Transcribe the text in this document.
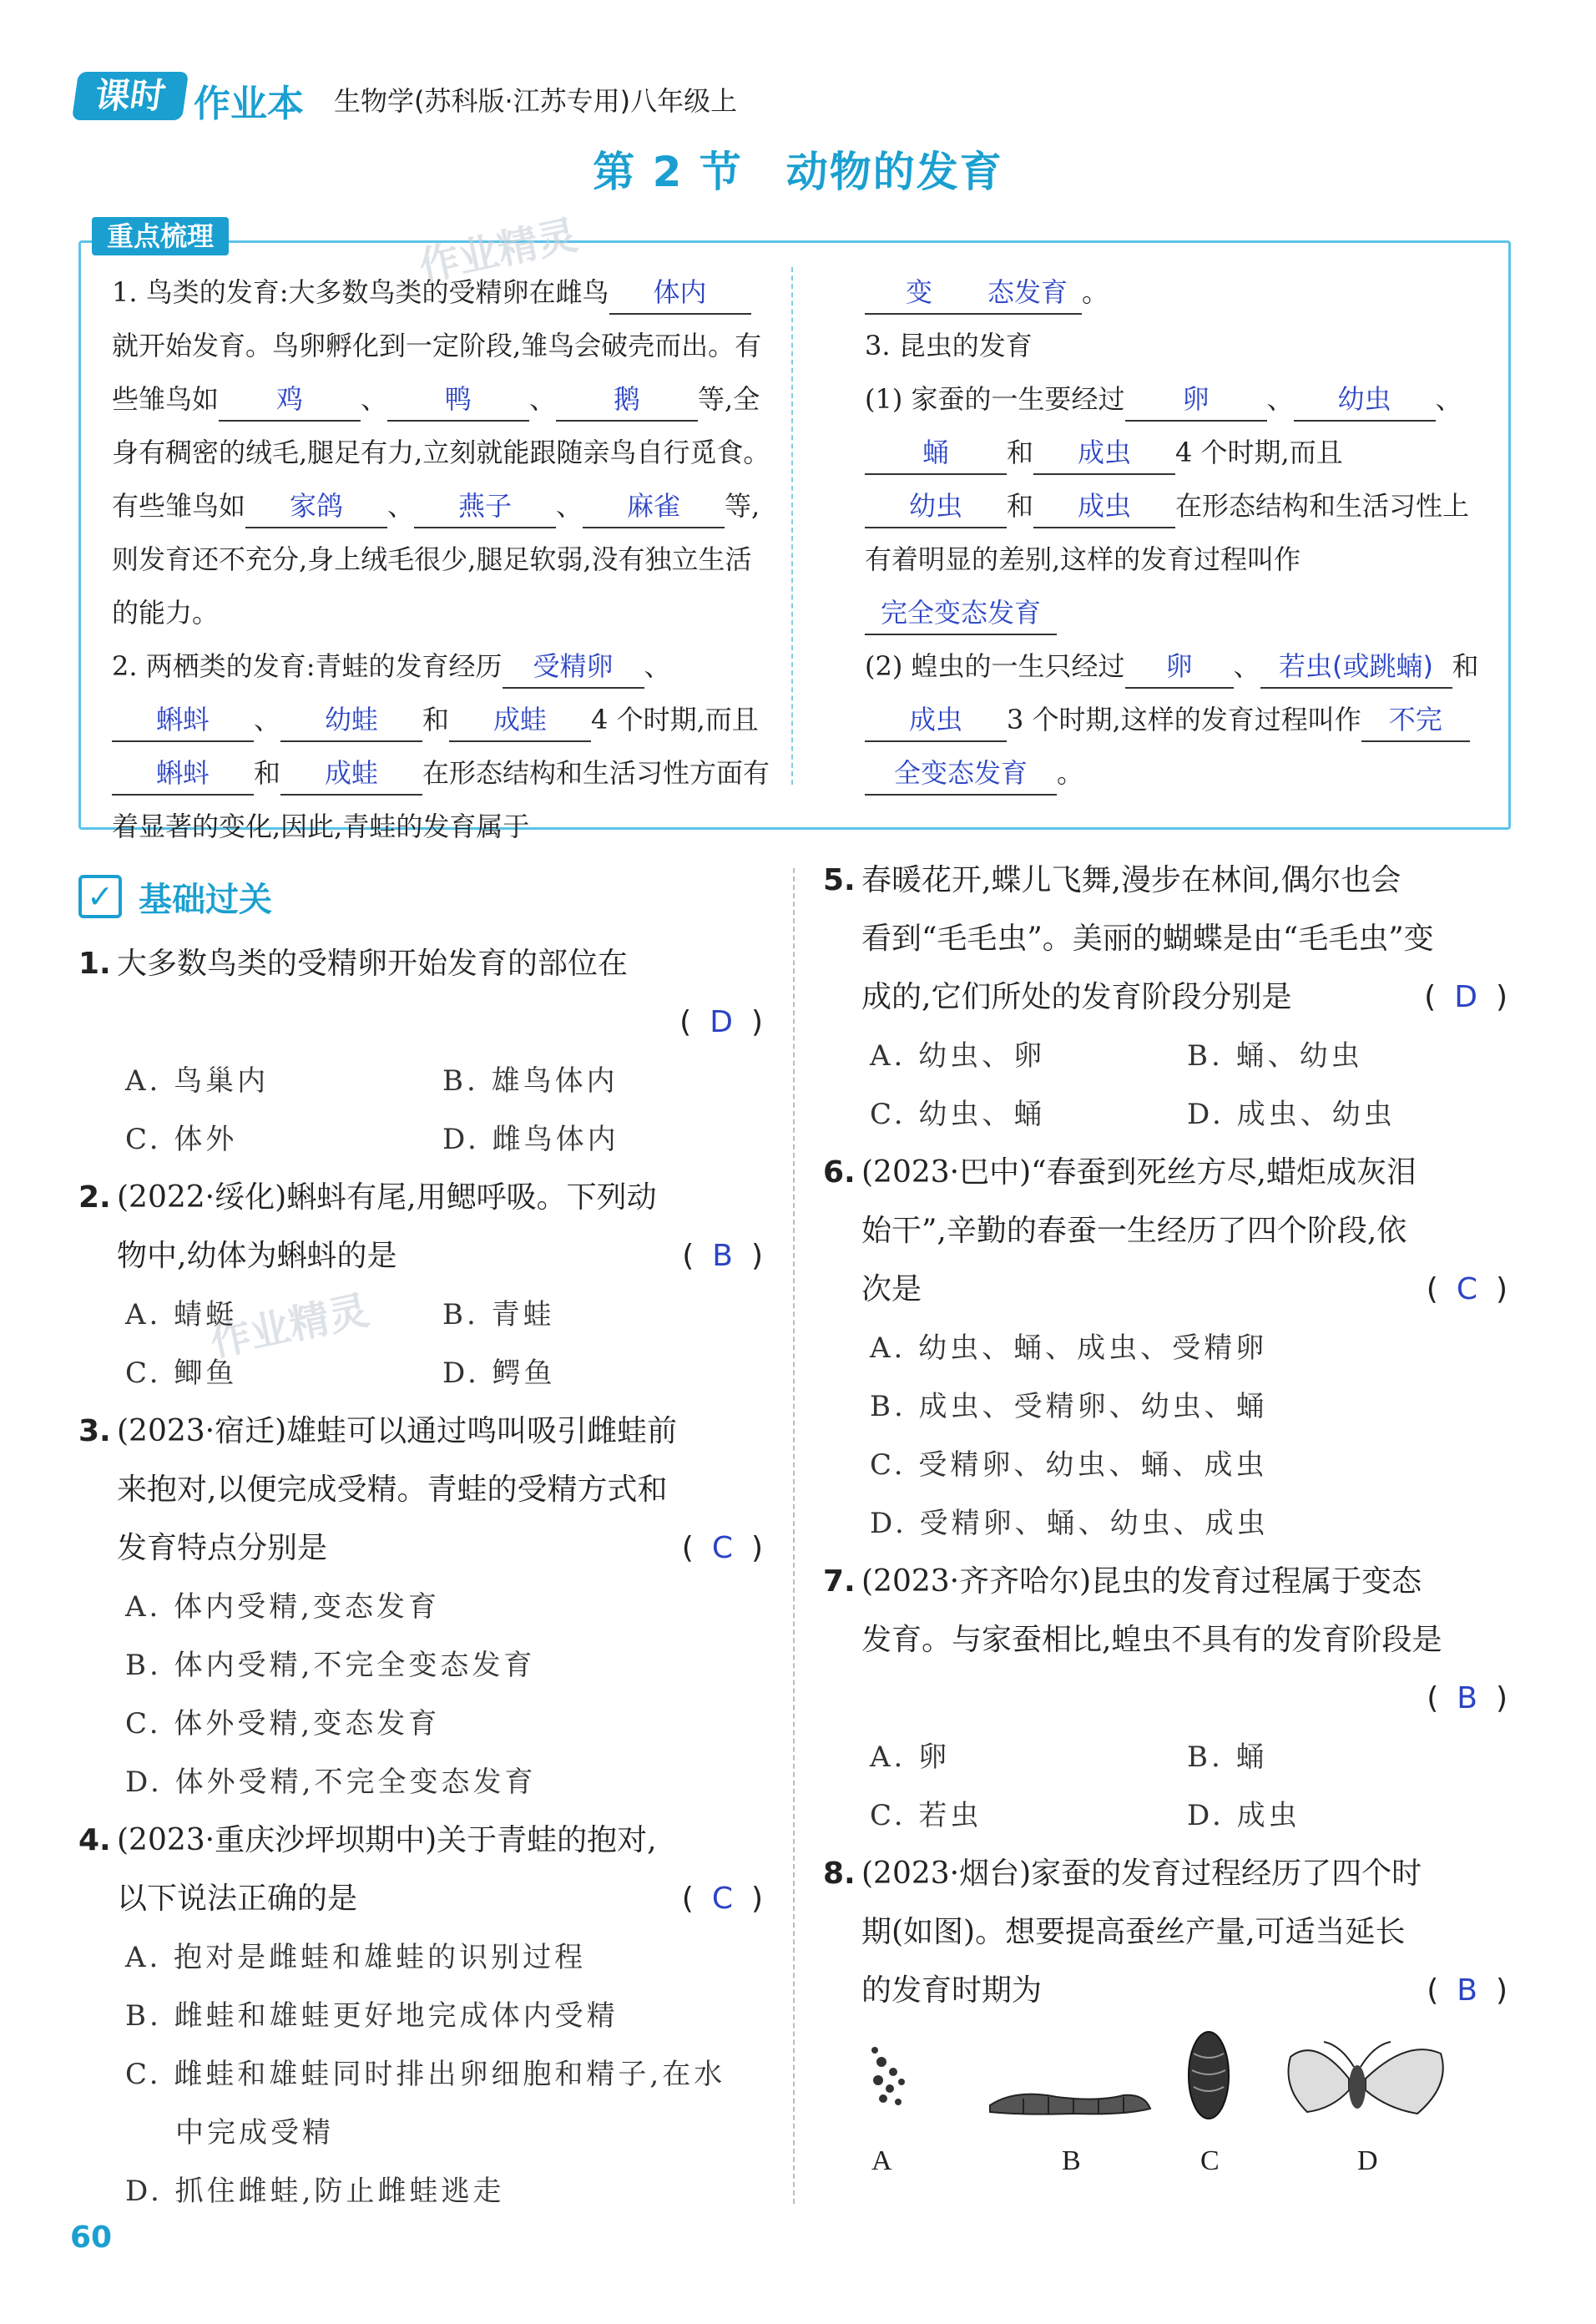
课时 作业本 生物学(苏科版·江苏专用)八年级上
第 2 节　动物的发育
重点梳理	作业精灵

1. 鸟类的发育:大多数鸟类的受精卵在雌鸟 体内就开始发育。鸟卵孵化到一定阶段,雏鸟会破壳而出。有些雏鸟如 鸡 、 鸭 、 鹅 等,全身有稠密的绒毛,腿足有力,立刻就能跟随亲鸟自行觅食。有些雏鸟如 家鸽 、 燕子 、 麻雀 等,则发育还不充分,身上绒毛很少,腿足软弱,没有独立生活的能力。

2. 两栖类的发育:青蛙的发育经历 受精卵 、蝌蚪 、 幼蛙 和 成蛙 4 个时期,而且蝌蚪 和 成蛙 在形态结构和生活习性方面有着显著的变化,因此,青蛙的发育属于

变 态发育 。

3. 昆虫的发育

(1) 家蚕的一生要经过 卵 、 幼虫 、蛹 和 成虫 4 个时期,而且幼虫 和 成虫 在形态结构和生活习性上有着明显的差别,这样的发育过程叫作完全变态发育

(2) 蝗虫的一生只经过 卵 、 若虫(或跳蝻) 和成虫 3 个时期,这样的发育过程叫作 不完全变态发育 。

✓ 基础过关
作业精灵
1. 大多数鸟类的受精卵开始发育的部位在
( D )
A. 鸟巢内	B. 雄鸟体内
C. 体外	D. 雌鸟体内
2. (2022·绥化)蝌蚪有尾,用鳃呼吸。下列动
物中,幼体为蝌蚪的是	( B )
A. 蜻蜓	B. 青蛙
C. 鲫鱼	D. 鳄鱼
3. (2023·宿迁)雄蛙可以通过鸣叫吸引雌蛙前
来抱对,以便完成受精。青蛙的受精方式和
发育特点分别是	( C )
A. 体内受精,变态发育
B. 体内受精,不完全变态发育
C. 体外受精,变态发育
D. 体外受精,不完全变态发育
4. (2023·重庆沙坪坝期中)关于青蛙的抱对,
以下说法正确的是	( C )
A. 抱对是雌蛙和雄蛙的识别过程
B. 雌蛙和雄蛙更好地完成体内受精
C. 雌蛙和雄蛙同时排出卵细胞和精子,在水
中完成受精
D. 抓住雌蛙,防止雌蛙逃走
5. 春暖花开,蝶儿飞舞,漫步在林间,偶尔也会
看到“毛毛虫”。美丽的蝴蝶是由“毛毛虫”变
成的,它们所处的发育阶段分别是	( D )
A. 幼虫、卵	B. 蛹、幼虫
C. 幼虫、蛹	D. 成虫、幼虫
6. (2023·巴中)“春蚕到死丝方尽,蜡炬成灰泪
始干”,辛勤的春蚕一生经历了四个阶段,依
次是	( C )
A. 幼虫、蛹、成虫、受精卵
B. 成虫、受精卵、幼虫、蛹
C. 受精卵、幼虫、蛹、成虫
D. 受精卵、蛹、幼虫、成虫
7. (2023·齐齐哈尔)昆虫的发育过程属于变态
发育。与家蚕相比,蝗虫不具有的发育阶段是
( B )
A. 卵	B. 蛹
C. 若虫	D. 成虫
8. (2023·烟台)家蚕的发育过程经历了四个时
期(如图)。想要提高蚕丝产量,可适当延长
的发育时期为	( B )
A	B	C	D
60
